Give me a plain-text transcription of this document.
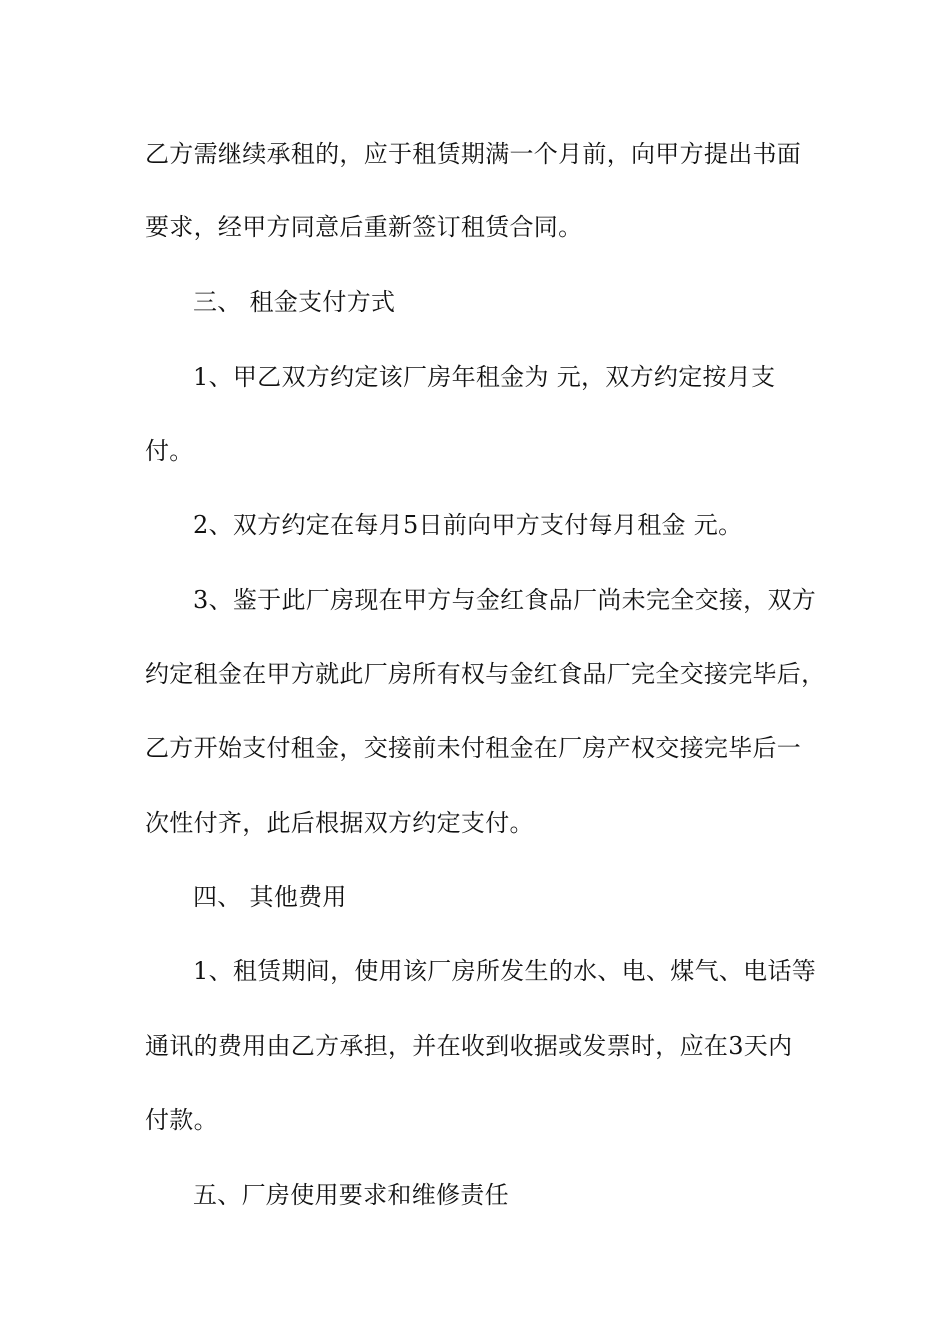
乙方需继续承租的，应于租赁期满一个月前，向甲方提出书面
要求，经甲方同意后重新签订租赁合同。
三、 租金支付方式
1、甲乙双方约定该厂房年租金为 元，双方约定按月支
付。
2、双方约定在每月5日前向甲方支付每月租金 元。
3、鉴于此厂房现在甲方与金红食品厂尚未完全交接，双方
约定租金在甲方就此厂房所有权与金红食品厂完全交接完毕后，
乙方开始支付租金，交接前未付租金在厂房产权交接完毕后一
次性付齐，此后根据双方约定支付。
四、 其他费用
1、租赁期间，使用该厂房所发生的水、电、煤气、电话等
通讯的费用由乙方承担，并在收到收据或发票时，应在3天内
付款。
五、厂房使用要求和维修责任
